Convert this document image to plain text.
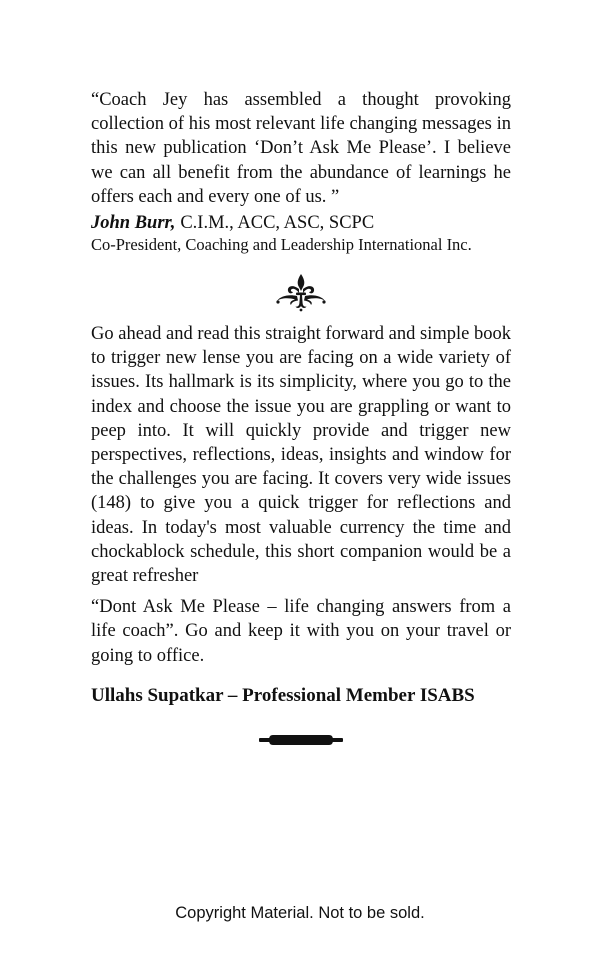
“Coach Jey has assembled a thought provoking collection of his most relevant life changing messages in this new publication ‘Don’t Ask Me Please’. I believe we can all benefit from the abundance of learnings he offers each and every one of us. ”

John Burr, C.I.M., ACC, ASC, SCPC

Co-President, Coaching and Leadership International Inc.

Go ahead and read this straight forward and simple book to trigger new lense you are facing on a wide variety of issues. Its hallmark is its simplicity, where you go to the index and choose the issue you are grappling or want to peep into. It will quickly provide and trigger new perspectives, reflections, ideas, insights and window for the challenges you are facing. It covers very wide issues (148) to give you a quick trigger for reflections and ideas. In today's most valuable currency the time and chockablock schedule, this short companion would be a great refresher

“Dont Ask Me Please – life changing answers from a life coach”. Go and keep it with you on your travel or going to office.

Ullahs Supatkar – Professional Member ISABS

Copyright Material. Not to be sold.
